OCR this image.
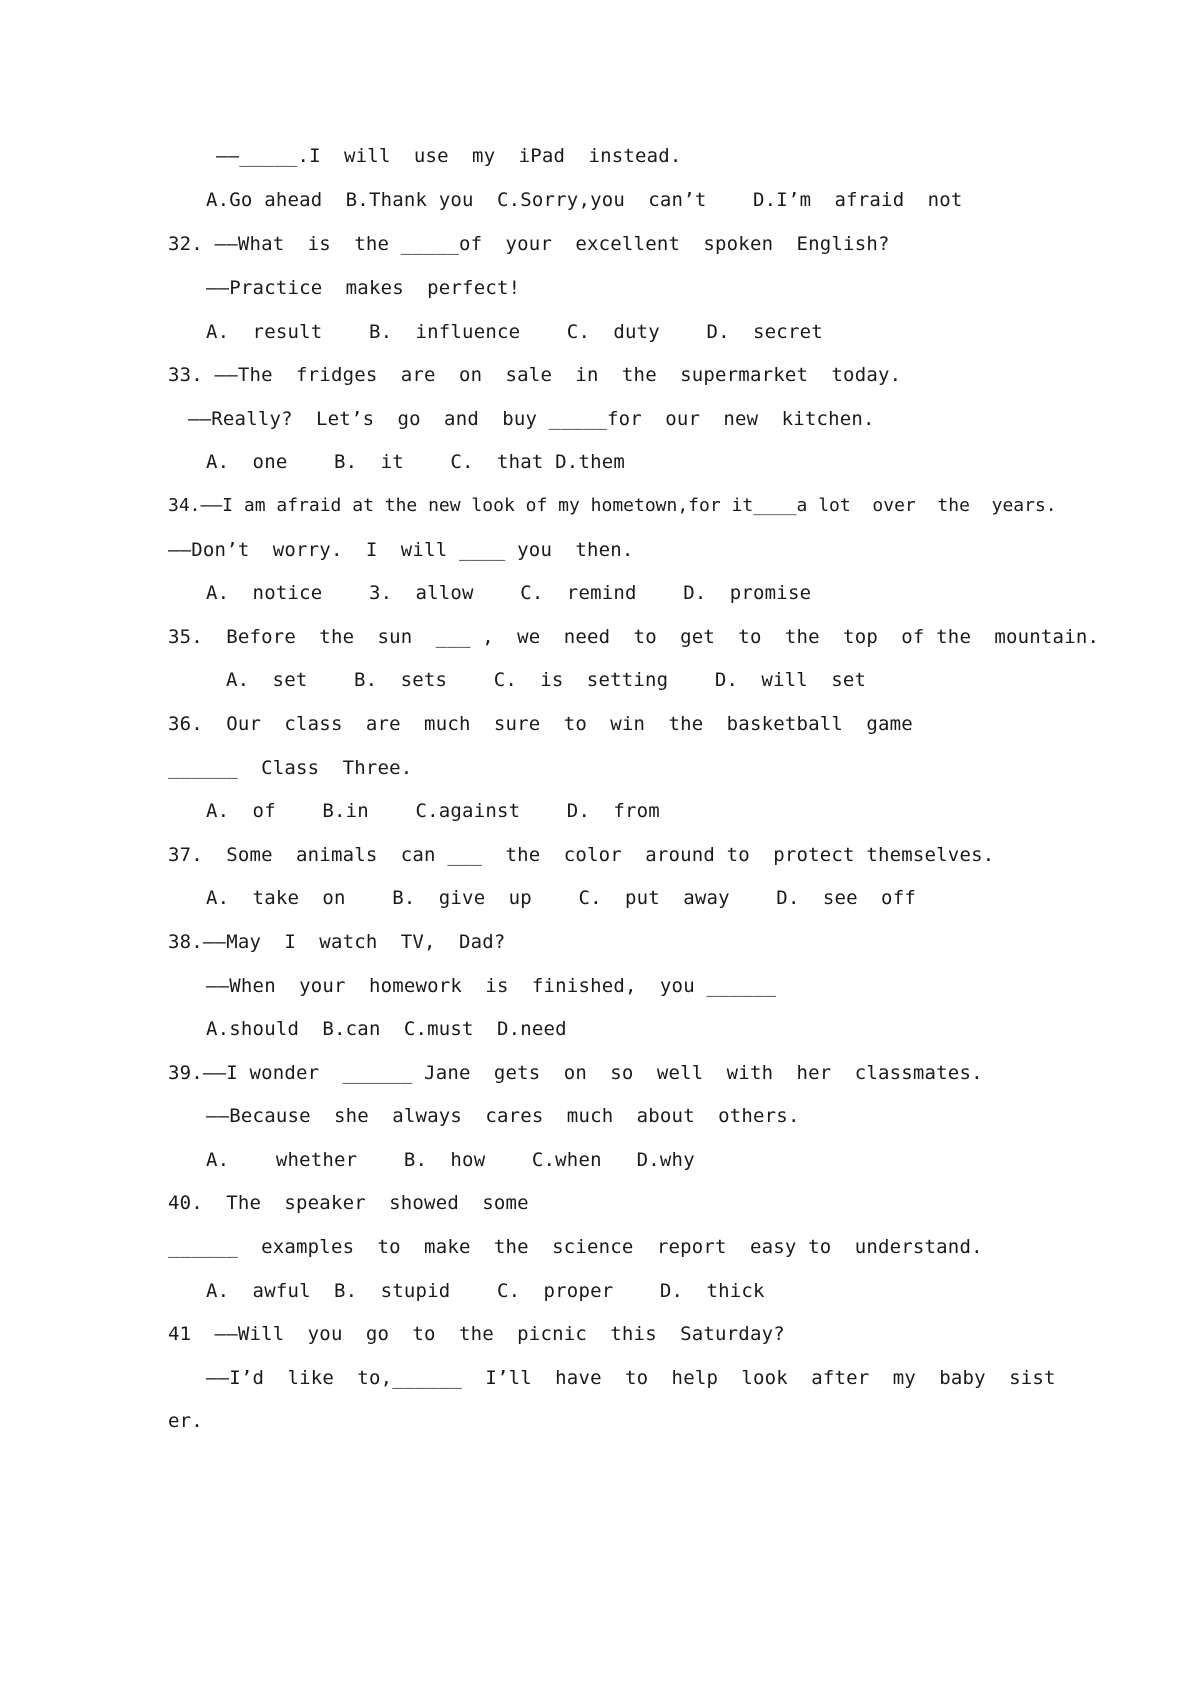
——_____.I  will  use  my  iPad  instead.
A.Go ahead  B.Thank you  C.Sorry,you  can’t    D.I’m  afraid  not
32. ——What  is  the _____of  your  excellent  spoken  English?
——Practice  makes  perfect!
A.  result    B.  influence    C.  duty    D.  secret
33. ——The  fridges  are  on  sale  in  the  supermarket  today.
——Really?  Let’s  go  and  buy _____for  our  new  kitchen.
A.  one    B.  it    C.  that D.them
34.——I am afraid at the new look of my hometown,for it____a lot  over  the  years.
——Don’t  worry.  I  will ____ you  then.
A.  notice    3.  allow    C.  remind    D.  promise
35.  Before  the  sun  ___ ,  we  need  to  get  to  the  top  of the  mountain.
A.  set    B.  sets    C.  is  setting    D.  will  set
36.  Our  class  are  much  sure  to  win  the  basketball  game
______  Class  Three.
A.  of    B.in    C.against    D.  from
37.  Some  animals  can ___  the  color  around to  protect themselves.
A.  take  on    B.  give  up    C.  put  away    D.  see  off
38.——May  I  watch  TV,  Dad?
——When  your  homework  is  finished,  you ______
A.should  B.can  C.must  D.need
39.——I wonder  ______ Jane  gets  on  so  well  with  her  classmates.
——Because  she  always  cares  much  about  others.
A.    whether    B.  how    C.when   D.why
40.  The  speaker  showed  some
______  examples  to  make  the  science  report  easy to  understand.
A.  awful  B.  stupid    C.  proper    D.  thick
41  ——Will  you  go  to  the  picnic  this  Saturday?
——I’d  like  to,______  I’ll  have  to  help  look  after  my  baby  sist
er.
